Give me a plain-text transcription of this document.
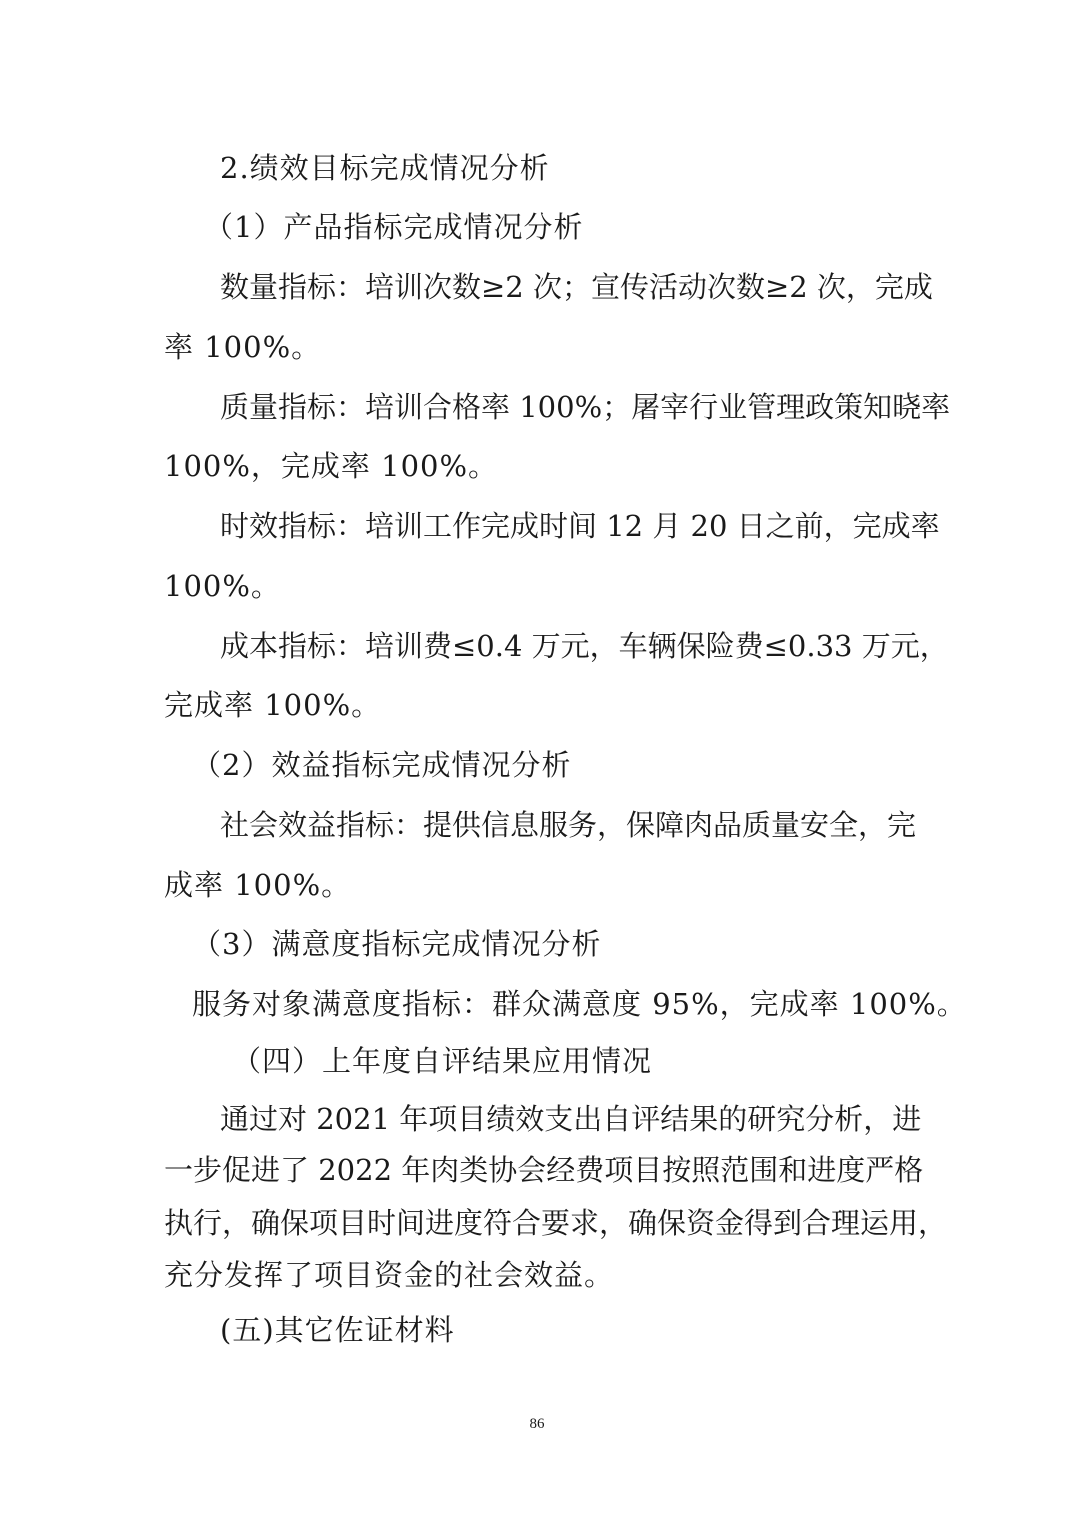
2.绩效目标完成情况分析
（1）产品指标完成情况分析
数量指标：培训次数≥2 次；宣传活动次数≥2 次，完成
率 100%。
质量指标：培训合格率 100%；屠宰行业管理政策知晓率
100%，完成率 100%。
时效指标：培训工作完成时间 12 月 20 日之前，完成率
100%。
成本指标：培训费≤0.4 万元，车辆保险费≤0.33 万元，
完成率 100%。
（2）效益指标完成情况分析
社会效益指标：提供信息服务，保障肉品质量安全，完
成率 100%。
（3）满意度指标完成情况分析
服务对象满意度指标：群众满意度 95%，完成率 100%。
（四）上年度自评结果应用情况
通过对 2021 年项目绩效支出自评结果的研究分析，进
一步促进了 2022 年肉类协会经费项目按照范围和进度严格
执行，确保项目时间进度符合要求，确保资金得到合理运用，
充分发挥了项目资金的社会效益。
(五)其它佐证材料
86
